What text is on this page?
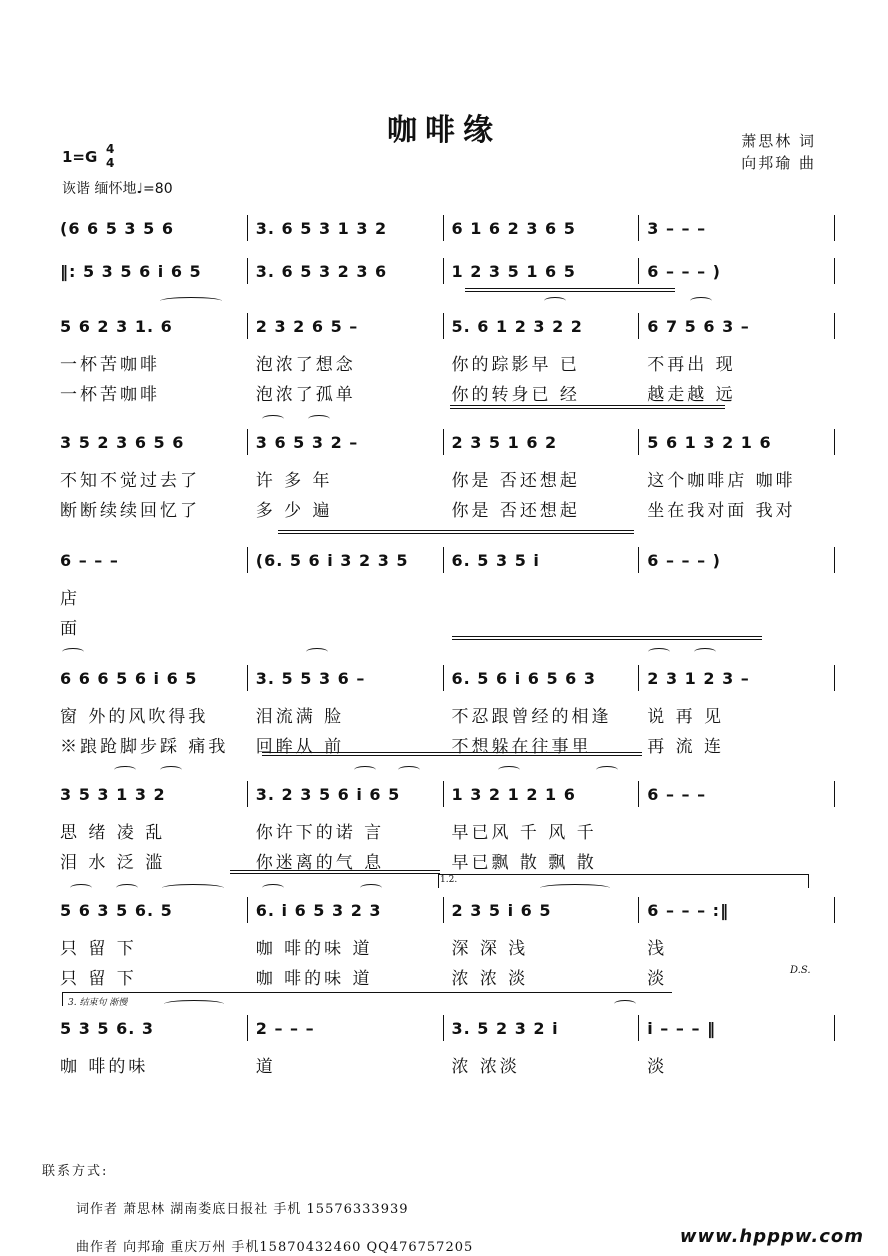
咖啡缘	萧思林 词
向邦瑜 曲
1=G 4
4
诙谐 缅怀地♩=80
(6 6 5 3 5 6	3. 6 5 3 1 3 2	6 1 6 2 3 6 5	3 – – –
‖: 5 3 5 6 i 6 5	3. 6 5 3 2 3 6	1 2 3 5 1 6 5	6 – – – )
5 6 2 3 1. 6	2 3 2 6 5 –	5. 6 1 2 3 2 2	6 7 5 6 3 –
一杯苦咖啡	泡浓了想念	你的踪影早 已	不再出 现
一杯苦咖啡	泡浓了孤单	你的转身已 经	越走越 远
3 5 2 3 6 5 6	3 6 5 3 2 –	2 3 5 1 6 2	5 6 1 3 2 1 6
不知不觉过去了	许 多 年	你是 否还想起	这个咖啡店 咖啡
断断续续回忆了	多 少 遍	你是 否还想起	坐在我对面 我对
6 – – –	(6. 5 6 i 3 2 3 5	6. 5 3 5 i	6 – – – )
店
面
6 6 6 5 6 i 6 5	3. 5 5 3 6 –	6. 5 6 i 6 5 6 3	2 3 1 2 3 –
窗 外的风吹得我	泪流满 脸	不忍跟曾经的相逢	说 再 见
※踉跄脚步踩 痛我	回眸从 前	不想躲在往事里	再 流 连
3 5 3 1 3 2	3. 2 3 5 6 i 6 5	1 3 2 1 2 1 6	6 – – –
思 绪 凌 乱	你许下的诺 言	早已风 千 风 千
泪 水 泛 滥	你迷离的气 息	早已飘 散 飘 散
5 6 3 5 6. 5	6. i 6 5 3 2 3	2 3 5 i 6 5	6 – – – :‖
只 留 下	咖 啡的味 道	深 深 浅	浅
只 留 下	咖 啡的味 道	浓 浓 淡	淡
5 3 5 6. 3	2 – – –	3. 5 2 3 2 i	i – – – ‖
咖 啡的味	道	浓 浓淡	淡
1.2.
3. 结束句 渐慢
D.S.
联系方式:
词作者 萧思林 湖南娄底日报社 手机 15576333939
曲作者 向邦瑜 重庆万州 手机15870432460 QQ476757205
www.hpppw.com
